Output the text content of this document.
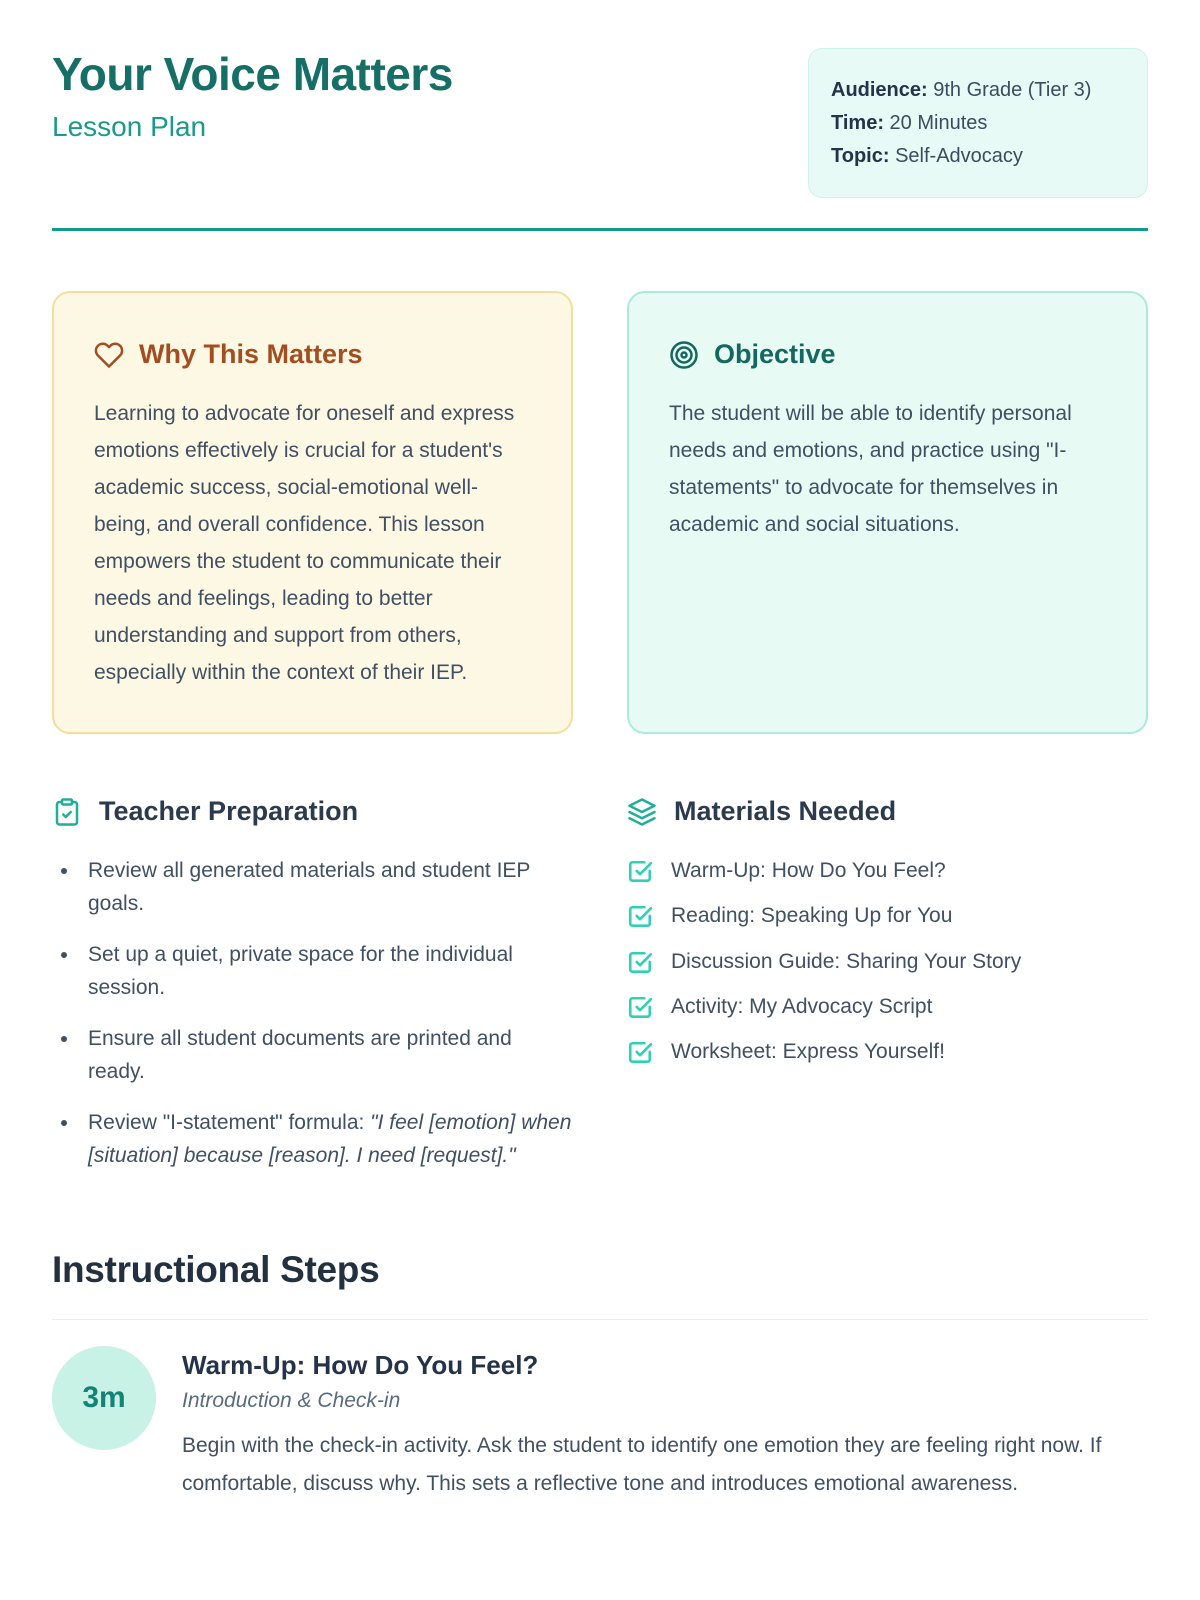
Your Voice Matters
Lesson Plan
Audience: 9th Grade (Tier 3)
Time: 20 Minutes
Topic: Self-Advocacy
Why This Matters
Learning to advocate for oneself and express emotions effectively is crucial for a student's academic success, social-emotional well-being, and overall confidence. This lesson empowers the student to communicate their needs and feelings, leading to better understanding and support from others, especially within the context of their IEP.
Objective
The student will be able to identify personal needs and emotions, and practice using "I-statements" to advocate for themselves in academic and social situations.
Teacher Preparation
• Review all generated materials and student IEP goals.
• Set up a quiet, private space for the individual session.
• Ensure all student documents are printed and ready.
• Review "I-statement" formula: "I feel [emotion] when [situation] because [reason]. I need [request]."
Materials Needed
Warm-Up: How Do You Feel?
Reading: Speaking Up for You
Discussion Guide: Sharing Your Story
Activity: My Advocacy Script
Worksheet: Express Yourself!
Instructional Steps
3m
Warm-Up: How Do You Feel?
Introduction & Check-in
Begin with the check-in activity. Ask the student to identify one emotion they are feeling right now. If comfortable, discuss why. This sets a reflective tone and introduces emotional awareness.
